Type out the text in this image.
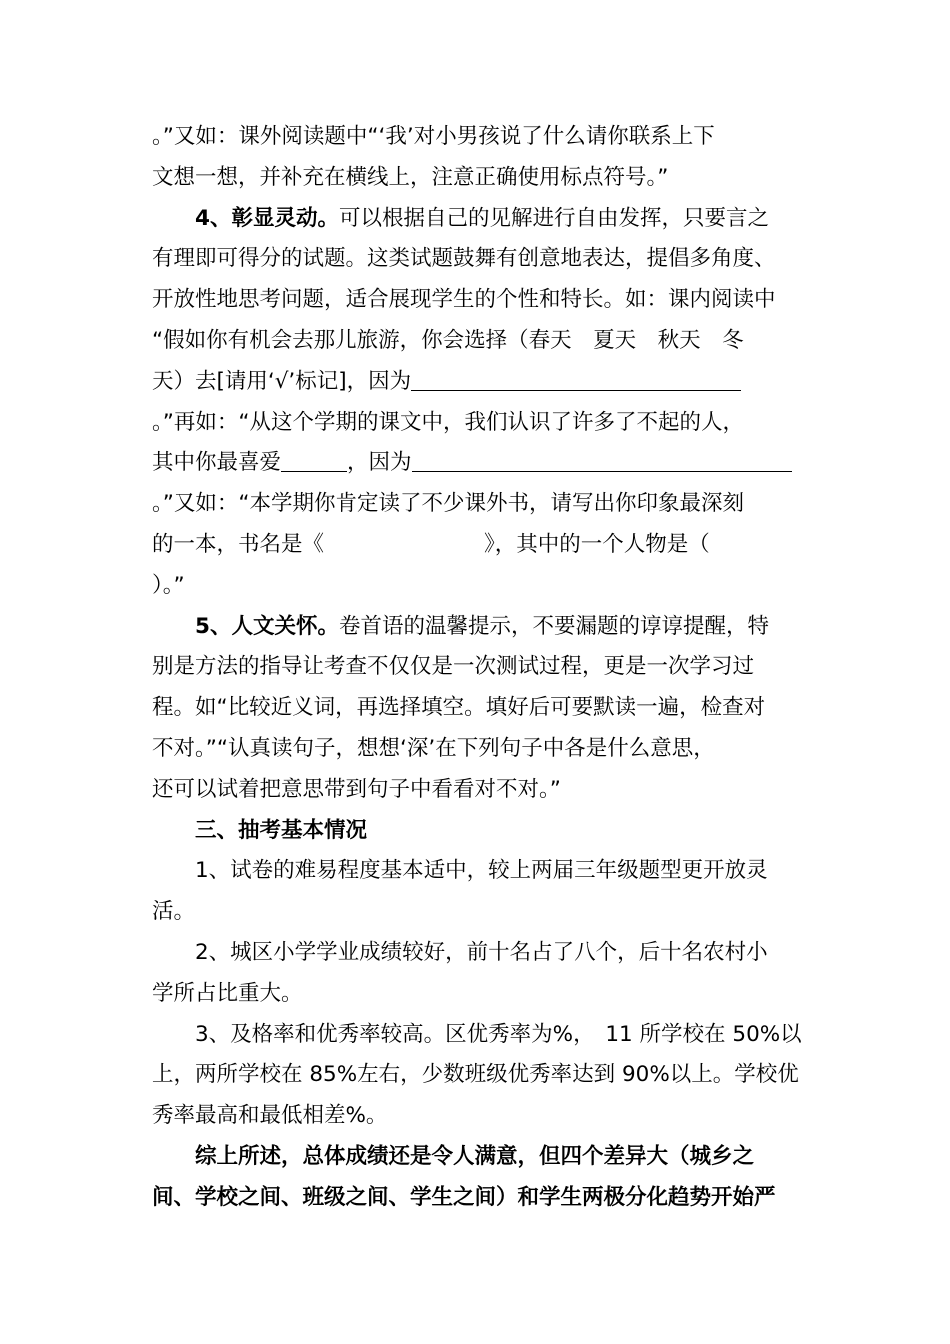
。”又如：课外阅读题中“‘我’对小男孩说了什么请你联系上下
文想一想，并补充在横线上，注意正确使用标点符号。”
4、彰显灵动。可以根据自己的见解进行自由发挥，只要言之
有理即可得分的试题。这类试题鼓舞有创意地表达，提倡多角度、
开放性地思考问题，适合展现学生的个性和特长。如：课内阅读中
“假如你有机会去那儿旅游，你会选择（春天　夏天　秋天　冬
天）去[请用‘√’标记]，因为
。”再如：“从这个学期的课文中，我们认识了许多了不起的人，
其中你最喜爱	，因为
。”又如：“本学期你肯定读了不少课外书，请写出你印象最深刻
的一本，书名是《	》，其中的一个人物是（
）。”
5、人文关怀。卷首语的温馨提示，不要漏题的谆谆提醒，特
别是方法的指导让考查不仅仅是一次测试过程，更是一次学习过
程。如“比较近义词，再选择填空。填好后可要默读一遍，检查对
不对。”“认真读句子，想想‘深’在下列句子中各是什么意思，
还可以试着把意思带到句子中看看对不对。”
三、抽考基本情况
1、试卷的难易程度基本适中，较上两届三年级题型更开放灵
活。
2、城区小学学业成绩较好，前十名占了八个，后十名农村小
学所占比重大。
3、及格率和优秀率较高。区优秀率为%，　11 所学校在 50%以
上，两所学校在 85%左右，少数班级优秀率达到 90%以上。学校优
秀率最高和最低相差%。
综上所述，总体成绩还是令人满意，但四个差异大（城乡之
间、学校之间、班级之间、学生之间）和学生两极分化趋势开始严
